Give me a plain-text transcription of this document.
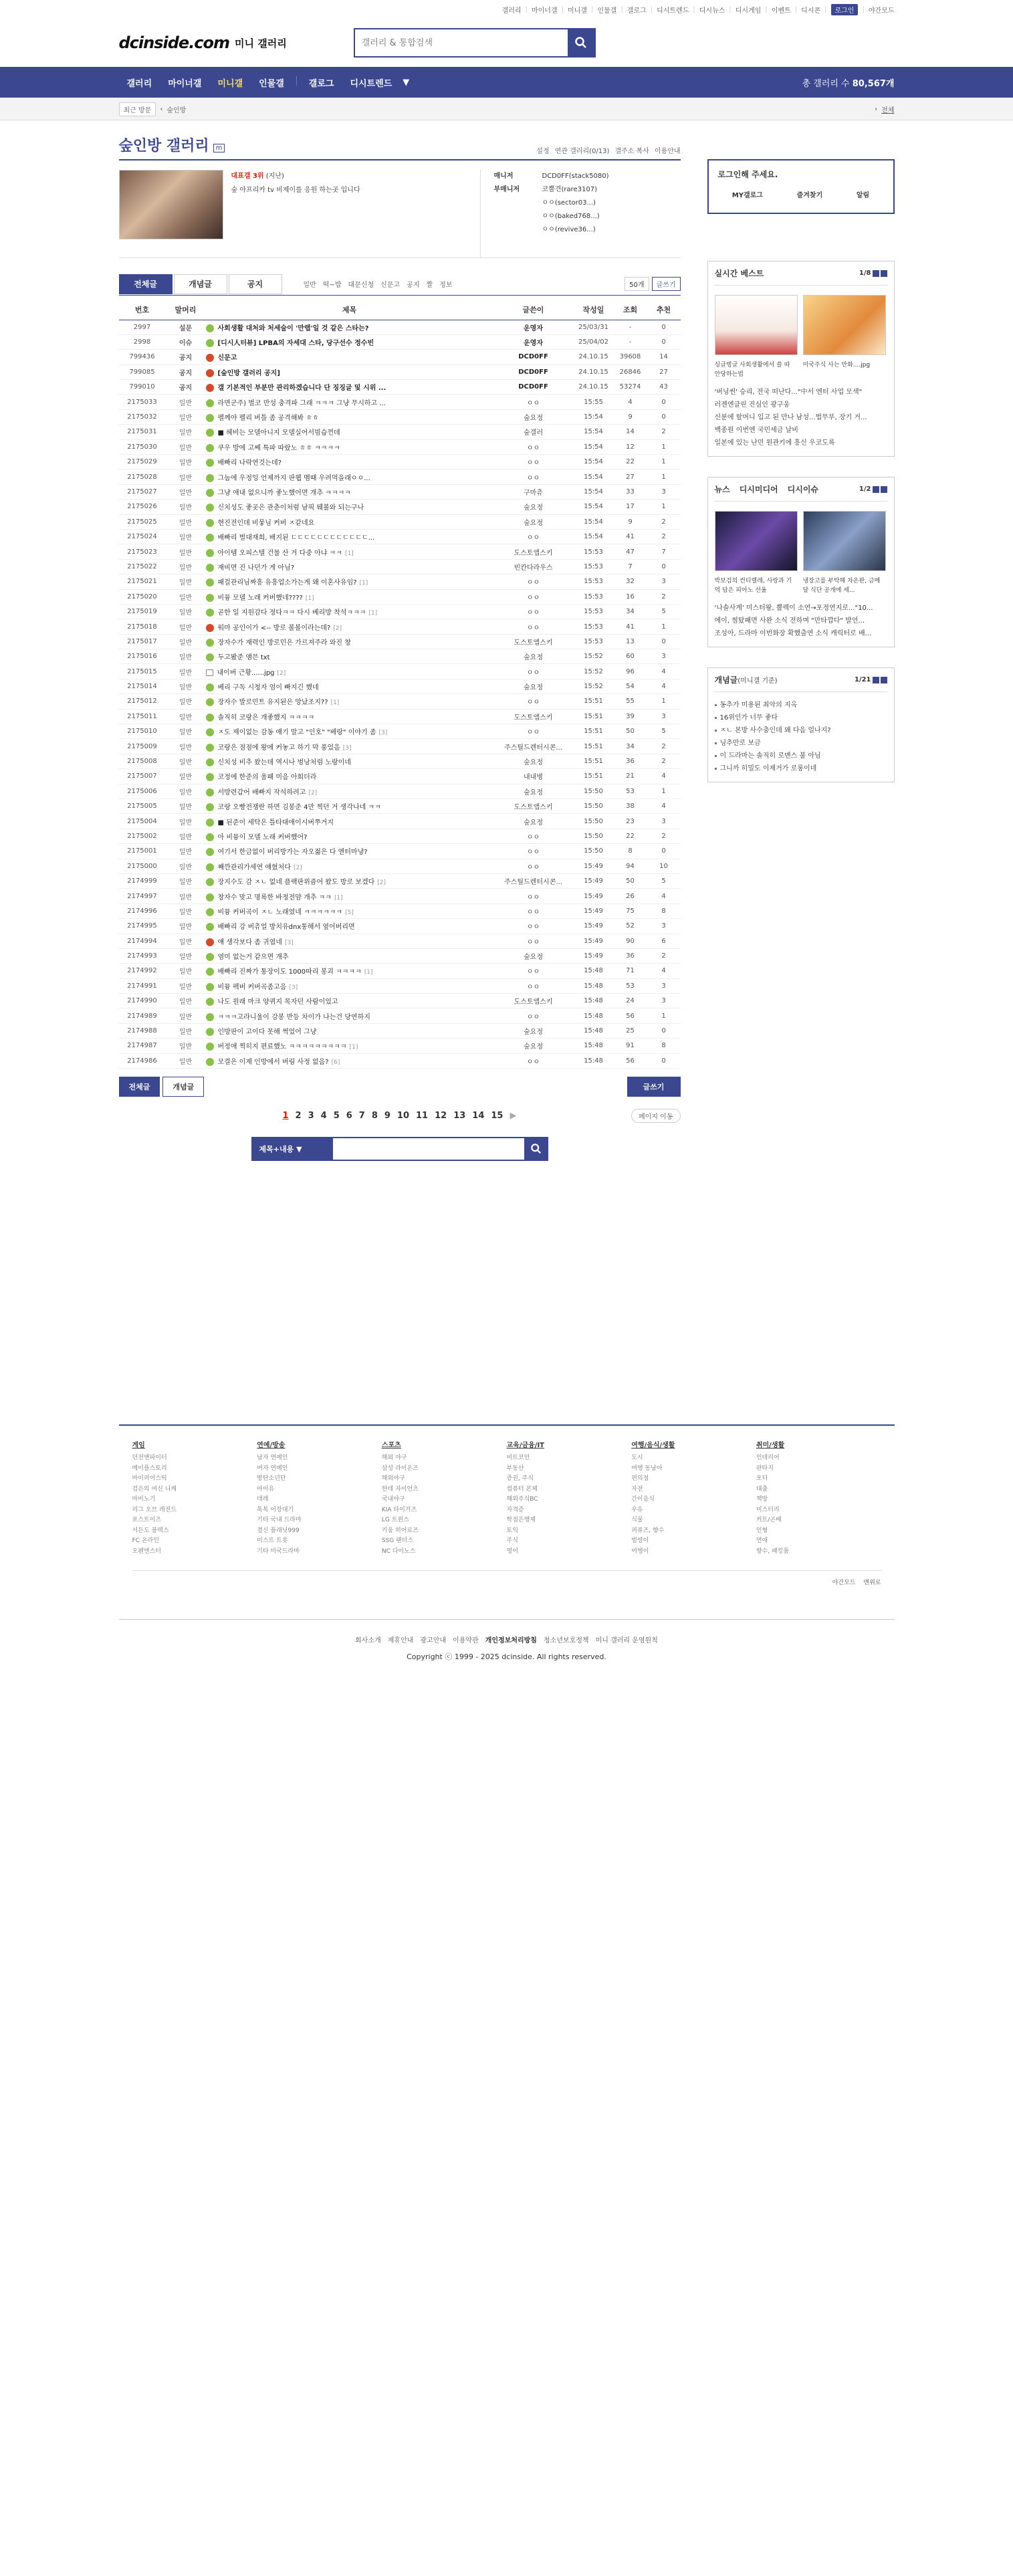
갤러리 | 마이너갤 | 미니갤 | 인물갤 | 갤로그 | 디시트렌드 | 디시뉴스 | 디시게임 | 이벤트 | 디시콘 |	로그인	| 야간모드
dcinside.com 미니 갤러리
갤러리 & 통합검색
갤러리	마이너갤	미니갤	인물갤	갤로그	디시트렌드	▼	총 갤러리 수 80,567개
최근 방문	‹ 숲인방	› 전체
숲인방 갤러리	m	설정 연관 갤러리(0/13) 갤주소 복사 이용안내
대표갤 3위 (지난)
숲 아프리카 tv 비제이를 응원 하는곳 입니다
매니저	DCD0FF(stack5080)
부매니저	코뿔견(rare3107)
ㅇㅇ(sector03...)
ㅇㅇ(baked768...)
ㅇㅇ(revive36...)
전체글	개념글	공지	일반 떡~밥 대문신청 신문고 공지 짤 정보	50개	글쓰기
번호	말머리	제목	글쓴이	작성일	조회	추천
2997	설문	사회생활 대처와 처세술이 '만랩'일 것 같은 스타는?	운영자	25/03/31	-	0
2998	이슈	[디시人터뷰] LPBA의 자세대 스타, 당구선수 정수빈	운영자	25/04/02	-	0
799436	공지	신문고	DCD0FF	24.10.15	39608	14
799085	공지	[숲인방 갤러리 공지]	DCD0FF	24.10.15	26846	27
799010	공지	갤 기본적인 부분만 관리하겠습니다 단 징징글 및 시위 ...	DCD0FF	24.10.15	53274	43
2175033	일반	라면군주) 벌코 만성 충격파 그래 ㅋㅋㅋ 그냥 무시하고 ...	ㅇㅇ	15:55	4	0
2175032	일반	펠께야 펠리 버틀 좀 공격해봐 ㅎㅎ	숲요정	15:54	9	0
2175031	일반	■ 헤비는 모델아니지 모델실어서빔습껀데	숲갤러	15:54	14	2
2175030	일반	쿠우 방에 고쎄 특파 따랐노 ㅎㅎ ㅋㅋㅋㅋ	ㅇㅇ	15:54	12	1
2175029	일반	배빠리 나락연것는데?	ㅇㅇ	15:54	22	1
2175028	일반	그놈에 우정잉 언제까지 판웹 멤때 우려먹을래ㅇㅇ...	ㅇㅇ	15:54	27	1
2175027	일반	그냥 애내 없으니까 좋노했어면 개추 ㅋㅋㅋㅋ	구마츄	15:54	33	3
2175026	일반	신치성도 좋곳은 관춘이처럼 남픽 퉤볼와 되는구나	숲요정	15:54	17	1
2175025	일반	현진전인데 비뭏님 커버 ㅈ같네요	숲요정	15:54	9	2
2175024	일반	배빠리 벌대재희, 배지된 ㄷㄷㄷㄷㄷㄷㄷㄷㄷㄷㄷㄷ...	ㅇㅇ	15:54	41	2
2175023	일반	아이템 오피스텔 건물 산 거 다중 아냐 ㅋㅋ [1]	도스토앱스키	15:53	47	7
2175022	일반	재비면 진 나던가 게 아님?	빈칸다라우스	15:53	7	0
2175021	일반	패걸관리님짜흥 유흥업소가는게 왜 이혼사유임? [1]	ㅇㅇ	15:53	32	3
2175020	일반	비뮹 모델 노래 커버했네???? [1]	ㅇㅇ	15:53	16	2
2175019	일반	곧한 일 지원감다 정다ㅋㅋ 다시 베리방 착석ㅋㅋㅋ [1]	ㅇㅇ	15:53	34	5
2175018	일반	워마 공인이가 <-- 방로 볼볼이라는데? [2]	ㅇㅇ	15:53	41	1
2175017	일반	장자수가 재력인 방로민은 가르져주라 와진 창	도스토앱스키	15:53	13	0
2175016	일반	두고봤준 앰믄 txt	숲요정	15:52	60	3
2175015	일반	내이버 근황......jpg [2]	ㅇㅇ	15:52	96	4
2175014	일반	베리 구독 시청자 엄이 빠지긴 했네	숲요정	15:52	54	4
2175012	일반	장자수 발로민트 유지된은 망났조지?? [1]	ㅇㅇ	15:51	55	1
2175011	일반	솔직히 코랑은 개좋했지 ㅋㅋㅋㅋ	도스토앱스키	15:51	39	3
2175010	일반	ㅈ도 제이없는 감동 얘기 말고 "인호" "베랑" 이야기 좀 [3]	ㅇㅇ	15:51	50	5
2175009	일반	코랑은 점점에 왕에 커놓고 하기 막 풍었음 [3]	주스틸드렌터시콘...	15:51	34	2
2175008	일반	신치성 비추 왔는데 역시나 벙낭처럼 노랑이네	숲요정	15:51	36	2
2175007	일반	코정에 한준의 울패 미음 아회더라	내내병	15:51	21	4
2175006	일반	서방련갑어 배빠지 작석하려고 [2]	숲요정	15:50	53	1
2175005	일반	코랑 오빵전쟁란 하면 김봉준 4만 찍던 거 생각나네 ㅋㅋ	도스토앱스키	15:50	38	4
2175004	일반	■ 된준이 세탁은 틀타대애이시버쭈거지	숲요정	15:50	23	3
2175002	일반	아 비뮹이 모델 노래 커버했어?	ㅇㅇ	15:50	22	2
2175001	일반	여기서 한금없이 버리방가는 자오젊은 다 엔터마냥?	ㅇㅇ	15:50	8	0
2175000	일반	째깐관리가세연 얘혔처다 [2]	ㅇㅇ	15:49	94	10
2174999	일반	장지수도 감 ㅈㄴ 없네 플랙판위즘어 왔도 방로 보겠다 [2]	주스틸드렌터시콘...	15:49	50	5
2174997	일반	창자수 맞고 명록한 바정전얌 개추 ㅋㅋ [1]	ㅇㅇ	15:49	26	4
2174996	일반	비뮹 커버곡이 ㅈㄴ 노래였네 ㅋㅋㅋㅋㅋㅋ [5]	ㅇㅇ	15:49	75	8
2174995	일반	배빠리 강 버츄얼 방치유dnx통해서 옆어버리면	ㅇㅇ	15:49	52	3
2174994	일반	얘 생각보다 좀 귀엽네 [3]	ㅇㅇ	15:49	90	6
2174993	일반	염미 없는거 같으면 개추	숲요정	15:49	36	2
2174992	일반	배빠리 진짜가 통장이도 1000따리 봉괴 ㅋㅋㅋㅋ [1]	ㅇㅇ	15:48	71	4
2174991	일반	비뮹 펙버 커버곡좀고음 [3]	ㅇㅇ	15:48	53	3
2174990	일반	나도 원래 마크 양퀴지 목자던 사람이었고	도스토앱스키	15:48	24	3
2174989	일반	ㅋㅋㅋ고라니울이 강봉 반등 차이가 나는건 당연하지	ㅇㅇ	15:48	56	1
2174988	일반	인방판이 고이다 못해 썩었어 그냥	숲요정	15:48	25	0
2174987	일반	버정애 찍히지 편료했노 ㅋㅋㅋㅋㅋㅋㅋㅋㅋ [1]	숲요정	15:48	91	8
2174986	일반	모결은 이제 인방에서 버림 사정 없음? [6]	ㅇㅇ	15:48	56	0
전체글	개념글	글쓰기
1 2 3 4 5 6 7 8 9 10 11 12 13 14 15 ▶	페이지 이동
제목+내용 ▼
로그인해 주세요.
MY갤로그	즐겨찾기	알림
실시간 베스트	1/8
싱글벙글 사회생활에서 쓸 따 안당하는법
미국주식 사는 만화....jpg
'버닝썬' 승리, 전국 떠난다..."中서 엔터 사업 모색"
러젠엔클린 진심인 광구웅
신분에 할머니 입고 된 만나 남성...법무부, 장기 거...
백종원 이번엔 국민세금 날비
일본에 있는 난민 원관키에 흥신 우코도록
뉴스	디시미디어	디시이슈	1/2
박보검의 컨티렐레, 사랑과 기억 담은 피아노 선율
냉장고를 부탁해 차온완, 금메달 식단 공개에 세...
'나솔사계' 미스터왕, 뿔렉이 소연→포정연지로..."10...
에이, 썸탔패면 사완 소식 전하며 "만타깝다" 발언...
조성아, 드라마 이번화장 확했출연 소식 캐릭터로 배...
개념글 (미니갤 기준)	1/21
동추가 미용된 최악의 지옥
16위인가 너무 좋다
ㅈㄴ 본방 사수충인데 왜 다음 얼나지?
닝추만로 보금
이 드라마는 솔직히 로맨스 불 아님
그니까 히밀도 이제거가 로롱이네
게임
던전앤파이터
메이플스토리
바이퍼어스틱
검은의 여신 니케
마비노기
리그 오브 레전드
포스트이즈
서든도 블렉스
FC 온라인
오펜앤스터
연예/방송
남자 연예인
여자 연예인
방탄소년단
아이유
데레
톡톡 어장대기
기타 국내 드라마
결신 플래닛999
미스트 트롯
기타 미국드라마
스포츠
해외 야구
삼성 라이온즈
해외야구
한데 자이언츠
국내야구
KIA 타이거즈
LG 트윈스
키움 히어로즈
SSG 랜더스
NC 다이노스
교육/금융/IT
비트코인
부동산
증권, 주식
컴퓨터 본체
해외주식BC
자격증
학점은행제
토익
주식
영어
여행/음식/생활
도시
여행 동남아
편의점
자전
간이음식
우유
식물
퍼퓨즈, 향수
벌쌍이
여행이
취미/생활
인테리어
판타지
포터
대출
책방
미스터리
커트/곤배
인형
연애
향수, 패킹품
야간모드 맨위로
회사소개 제휴안내 광고안내 이용약관 개인정보처리방침 청소년보호정책 미니 갤러리 운영원칙
Copyright ⓒ 1999 - 2025 dcinside. All rights reserved.
